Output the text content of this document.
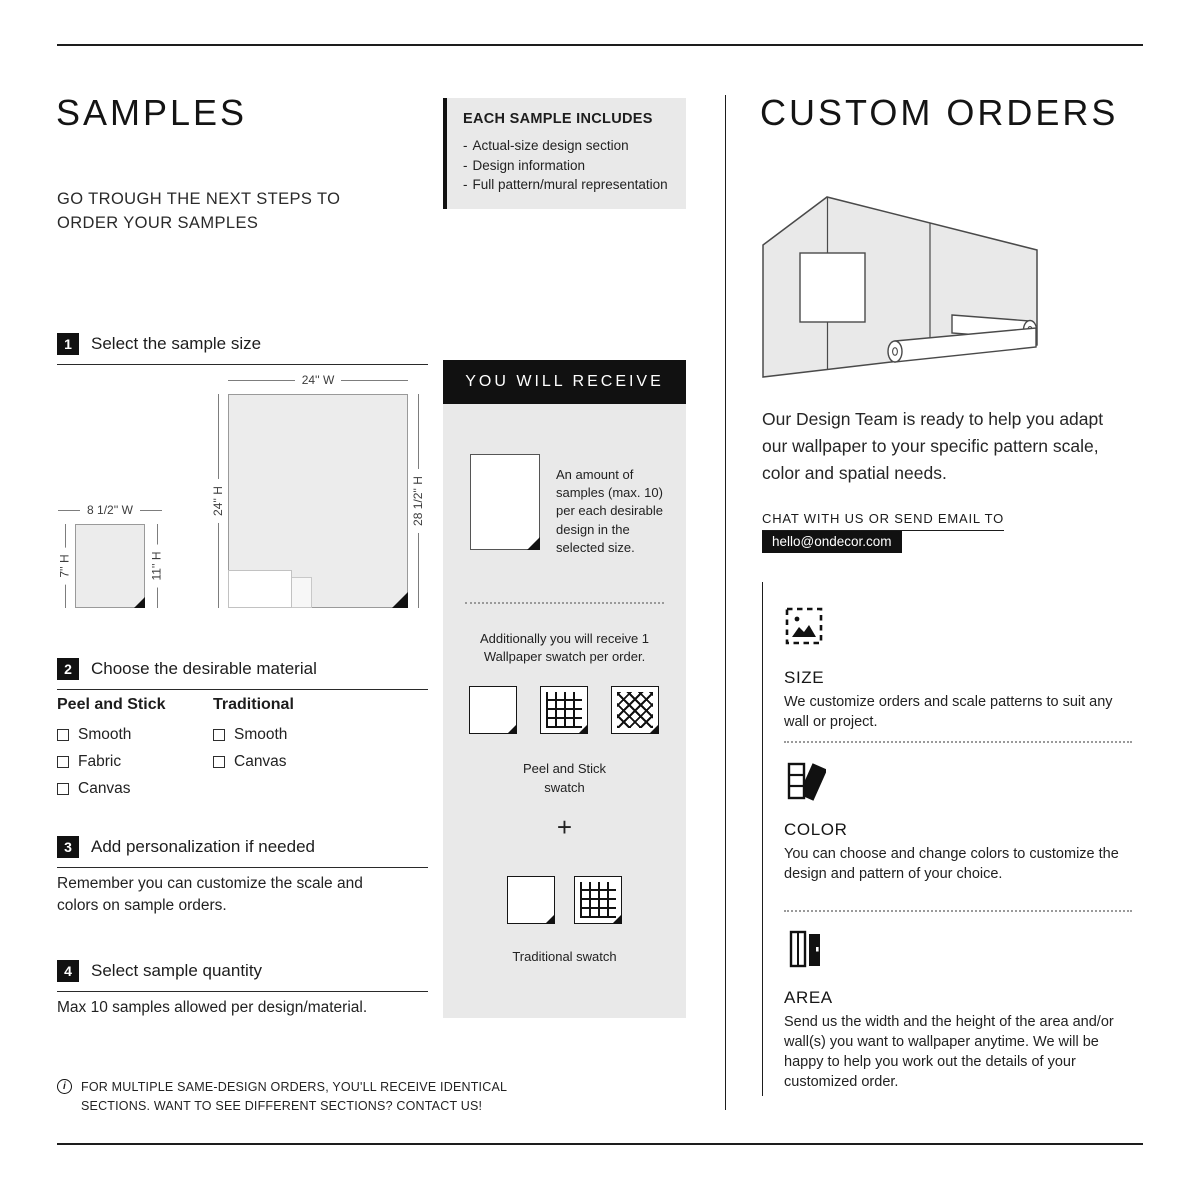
SAMPLES

GO TROUGH THE NEXT STEPS TO ORDER YOUR SAMPLES

1	Select the sample size
24'' W
24'' H	28 1/2'' H
8 1/2'' W
7'' H	11'' H
2	Choose the desirable material
Peel and Stick
Smooth
Fabric
Canvas
Traditional
Smooth
Canvas
3	Add personalization if needed

Remember you can customize the scale and colors on sample orders.

4	Select sample quantity

Max 10 samples allowed per design/material.

i	FOR MULTIPLE SAME-DESIGN ORDERS, YOU'LL RECEIVE IDENTICAL SECTIONS. WANT TO SEE DIFFERENT SECTIONS? CONTACT US!
EACH SAMPLE INCLUDES
- Actual-size design section
- Design information
- Full pattern/mural representation
YOU WILL RECEIVE

An amount of samples (max. 10) per each desirable design in the selected size.

Additionally you will receive 1 Wallpaper swatch per order.

Peel and Stick swatch
+
Traditional swatch
CUSTOM ORDERS

Our Design Team is ready to help you adapt our wallpaper to your specific pattern scale, color and spatial needs.

CHAT WITH US OR SEND EMAIL TO
hello@ondecor.com
SIZE

We customize orders and scale patterns to suit any wall or project.

COLOR

You can choose and change colors to customize the design and pattern of your choice.

AREA

Send us the width and the height of the area and/or wall(s) you want to wallpaper anytime. We will be happy to help you work out the details of your customized order.
